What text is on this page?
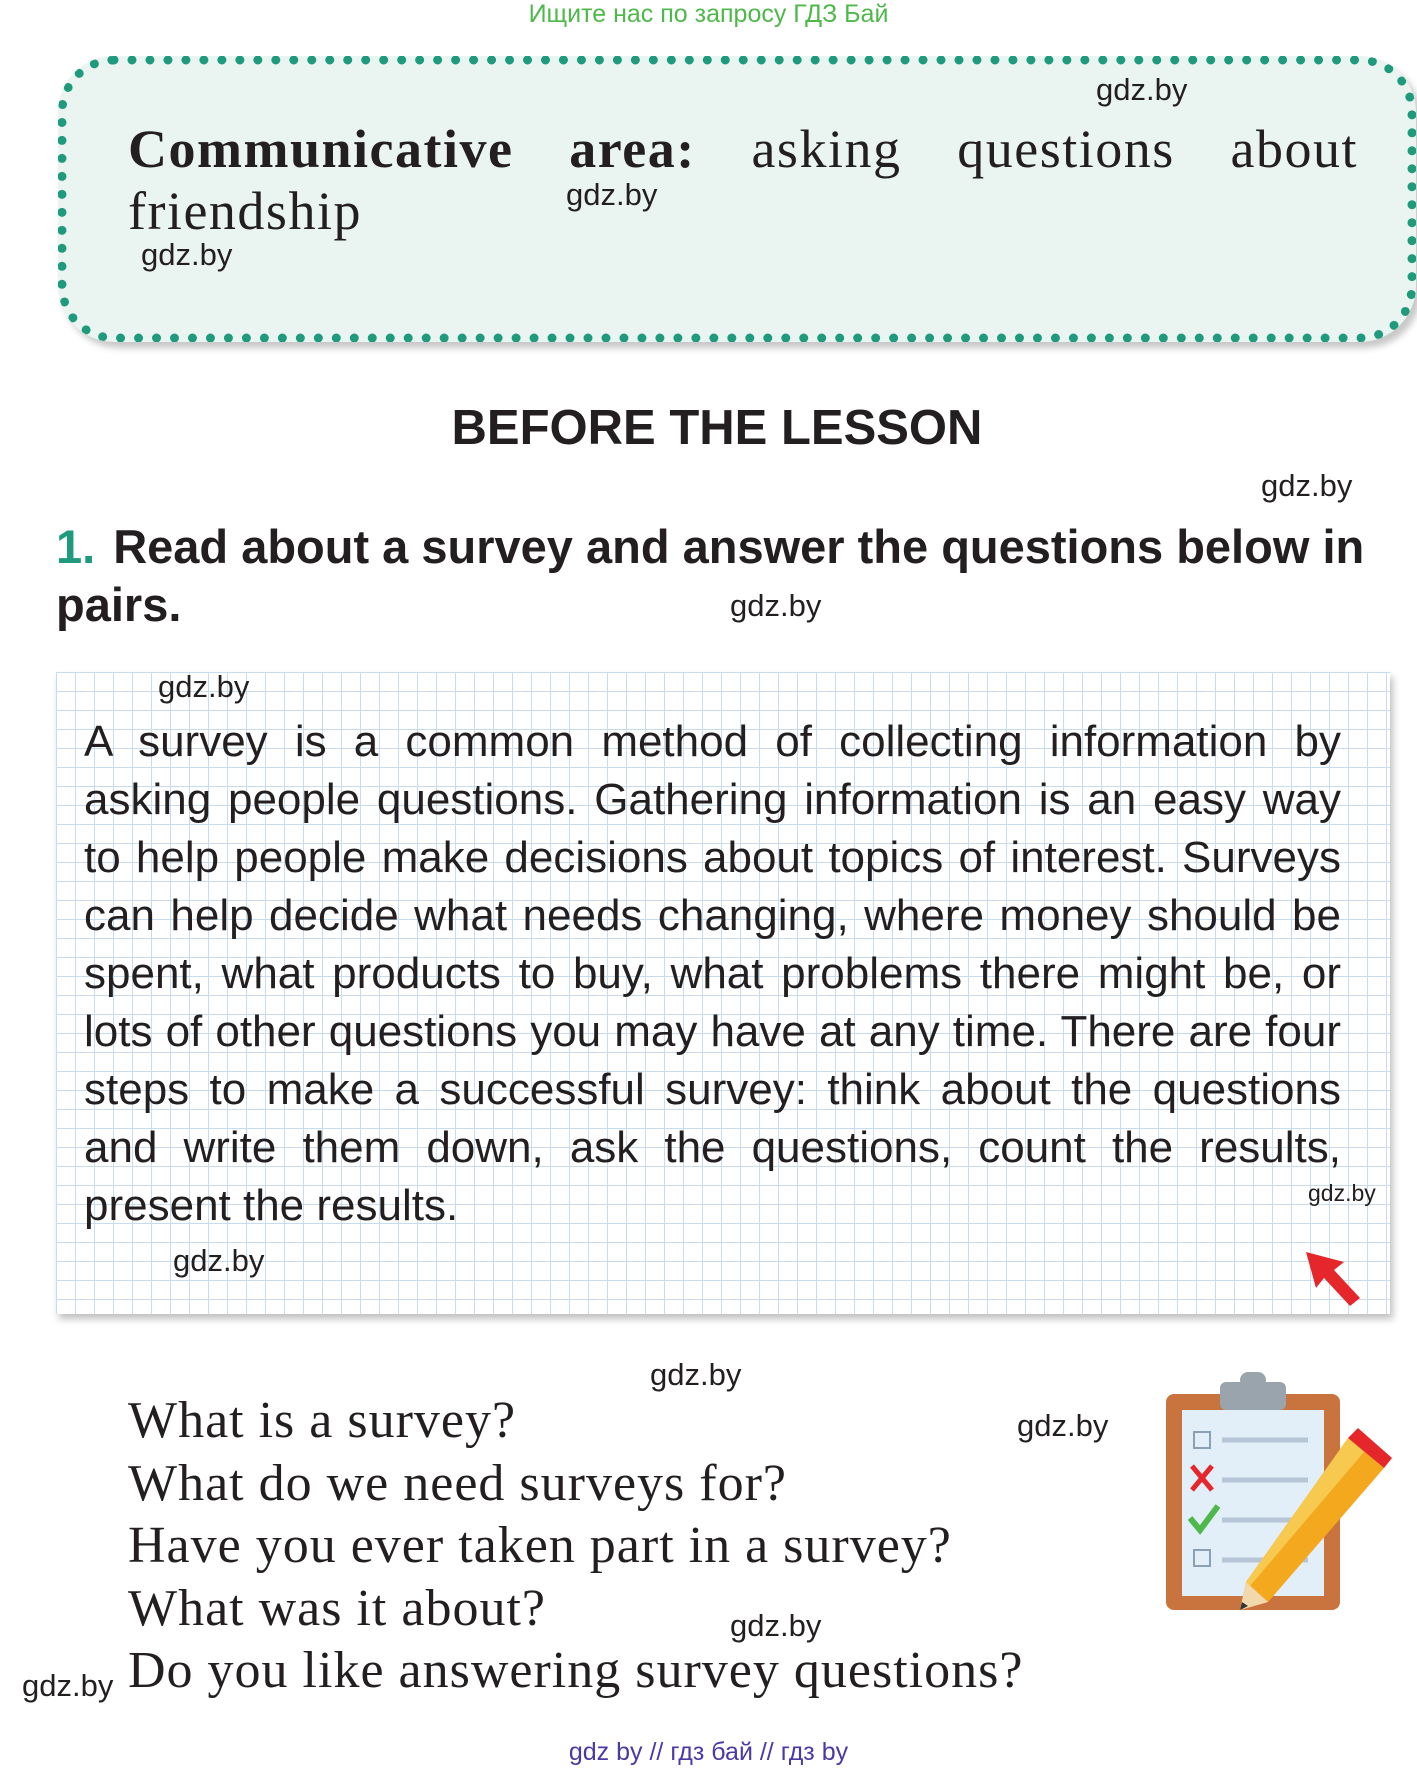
Ищите нас по запросу ГДЗ Бай
Communicative area: asking questions about friendship
BEFORE THE LESSON
1. Read about a survey and answer the questions below in pairs.
A survey is a common method of collecting information by asking people questions. Gathering information is an easy way to help people make decisions about topics of interest. Surveys can help decide what needs changing, where money should be spent, what products to buy, what problems there might be, or lots of other questions you may have at any time. There are four steps to make a successful survey: think about the questions and write them down, ask the questions, count the results, present the results.
What is a survey?
What do we need surveys for?
Have you ever taken part in a survey?
What was it about?
Do you like answering survey questions?
gdz.by
gdz.by
gdz.by
gdz.by
gdz.by
gdz.by
gdz.by
gdz.by
gdz.by
gdz.by
gdz.by
gdz.by
gdz by // гдз бай // гдз by
